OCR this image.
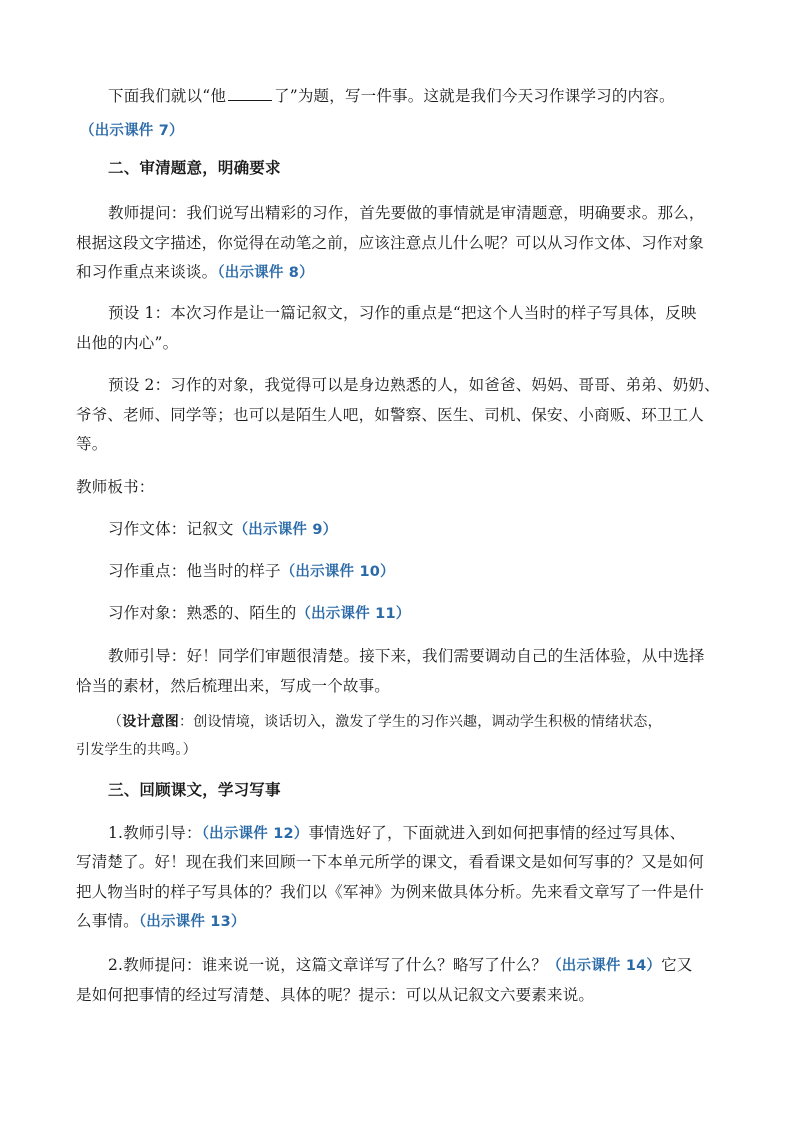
下面我们就以“他	了”为题，写一件事。这就是我们今天习作课学习的内容。
（出示课件 7）
二、审清题意，明确要求
教师提问：我们说写出精彩的习作，首先要做的事情就是审清题意，明确要求。那么，
根据这段文字描述，你觉得在动笔之前，应该注意点儿什么呢？可以从习作文体、习作对象
和习作重点来谈谈。（出示课件 8）
预设 1：本次习作是让一篇记叙文，习作的重点是“把这个人当时的样子写具体，反映
出他的内心”。
预设 2：习作的对象，我觉得可以是身边熟悉的人，如爸爸、妈妈、哥哥、弟弟、奶奶、
爷爷、老师、同学等；也可以是陌生人吧，如警察、医生、司机、保安、小商贩、环卫工人
等。
教师板书：
习作文体：记叙文（出示课件 9）
习作重点：他当时的样子（出示课件 10）
习作对象：熟悉的、陌生的（出示课件 11）
教师引导：好！同学们审题很清楚。接下来，我们需要调动自己的生活体验，从中选择
恰当的素材，然后梳理出来，写成一个故事。
（设计意图：创设情境，谈话切入，激发了学生的习作兴趣，调动学生积极的情绪状态，
引发学生的共鸣。）
三、回顾课文，学习写事
1.教师引导：（出示课件 12）事情选好了，下面就进入到如何把事情的经过写具体、
写清楚了。好！现在我们来回顾一下本单元所学的课文，看看课文是如何写事的？又是如何
把人物当时的样子写具体的？我们以《军神》为例来做具体分析。先来看文章写了一件是什
么事情。（出示课件 13）
2.教师提问：谁来说一说，这篇文章详写了什么？略写了什么？（出示课件 14）它又
是如何把事情的经过写清楚、具体的呢？提示：可以从记叙文六要素来说。
